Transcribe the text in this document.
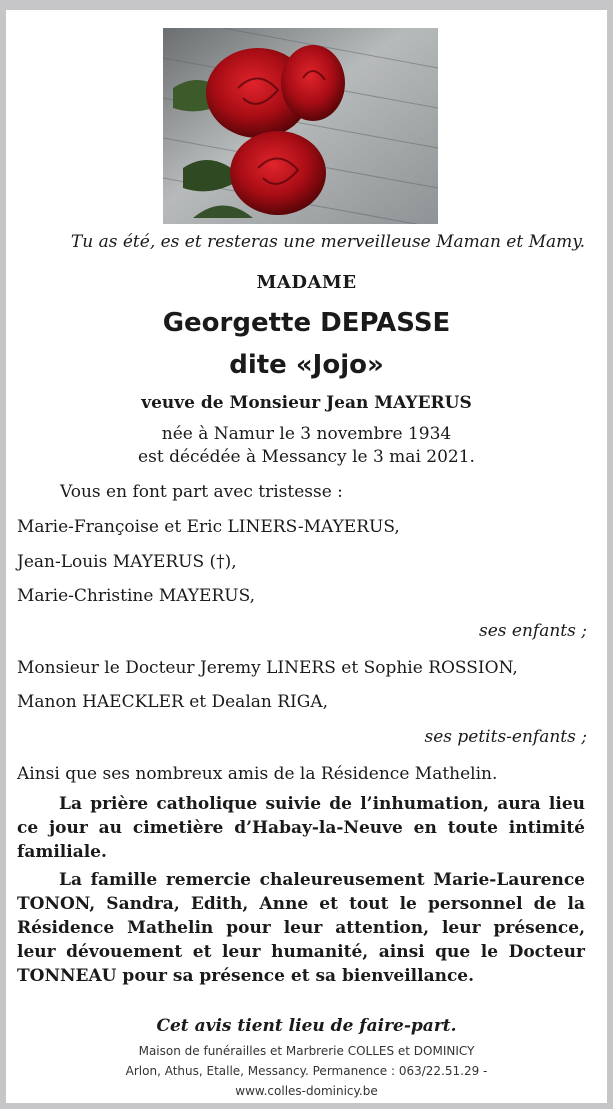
Tu as été, es et resteras une merveilleuse Maman et Mamy.
MADAME
Georgette DEPASSE
dite «Jojo»
veuve de Monsieur Jean MAYERUS
née à Namur le 3 novembre 1934
est décédée à Messancy le 3 mai 2021.
Vous en font part avec tristesse :
Marie-Françoise et Eric LINERS-MAYERUS,
Jean-Louis MAYERUS (†),
Marie-Christine MAYERUS,
ses enfants ;
Monsieur le Docteur Jeremy LINERS et Sophie ROSSION,
Manon HAECKLER et Dealan RIGA,
ses petits-enfants ;
Ainsi que ses nombreux amis de la Résidence Mathelin.
La prière catholique suivie de l’inhumation, aura lieu ce jour au cimetière d’Habay-la-Neuve en toute intimité familiale.
La famille remercie chaleureusement Marie-Laurence TONON, Sandra, Edith, Anne et tout le personnel de la Résidence Mathelin pour leur attention, leur présence, leur dévouement et leur humanité, ainsi que le Docteur TONNEAU pour sa présence et sa bienveillance.
Cet avis tient lieu de faire-part.
Maison de funérailles et Marbrerie COLLES et DOMINICY
Arlon, Athus, Etalle, Messancy. Permanence : 063/22.51.29 -
www.colles-dominicy.be
